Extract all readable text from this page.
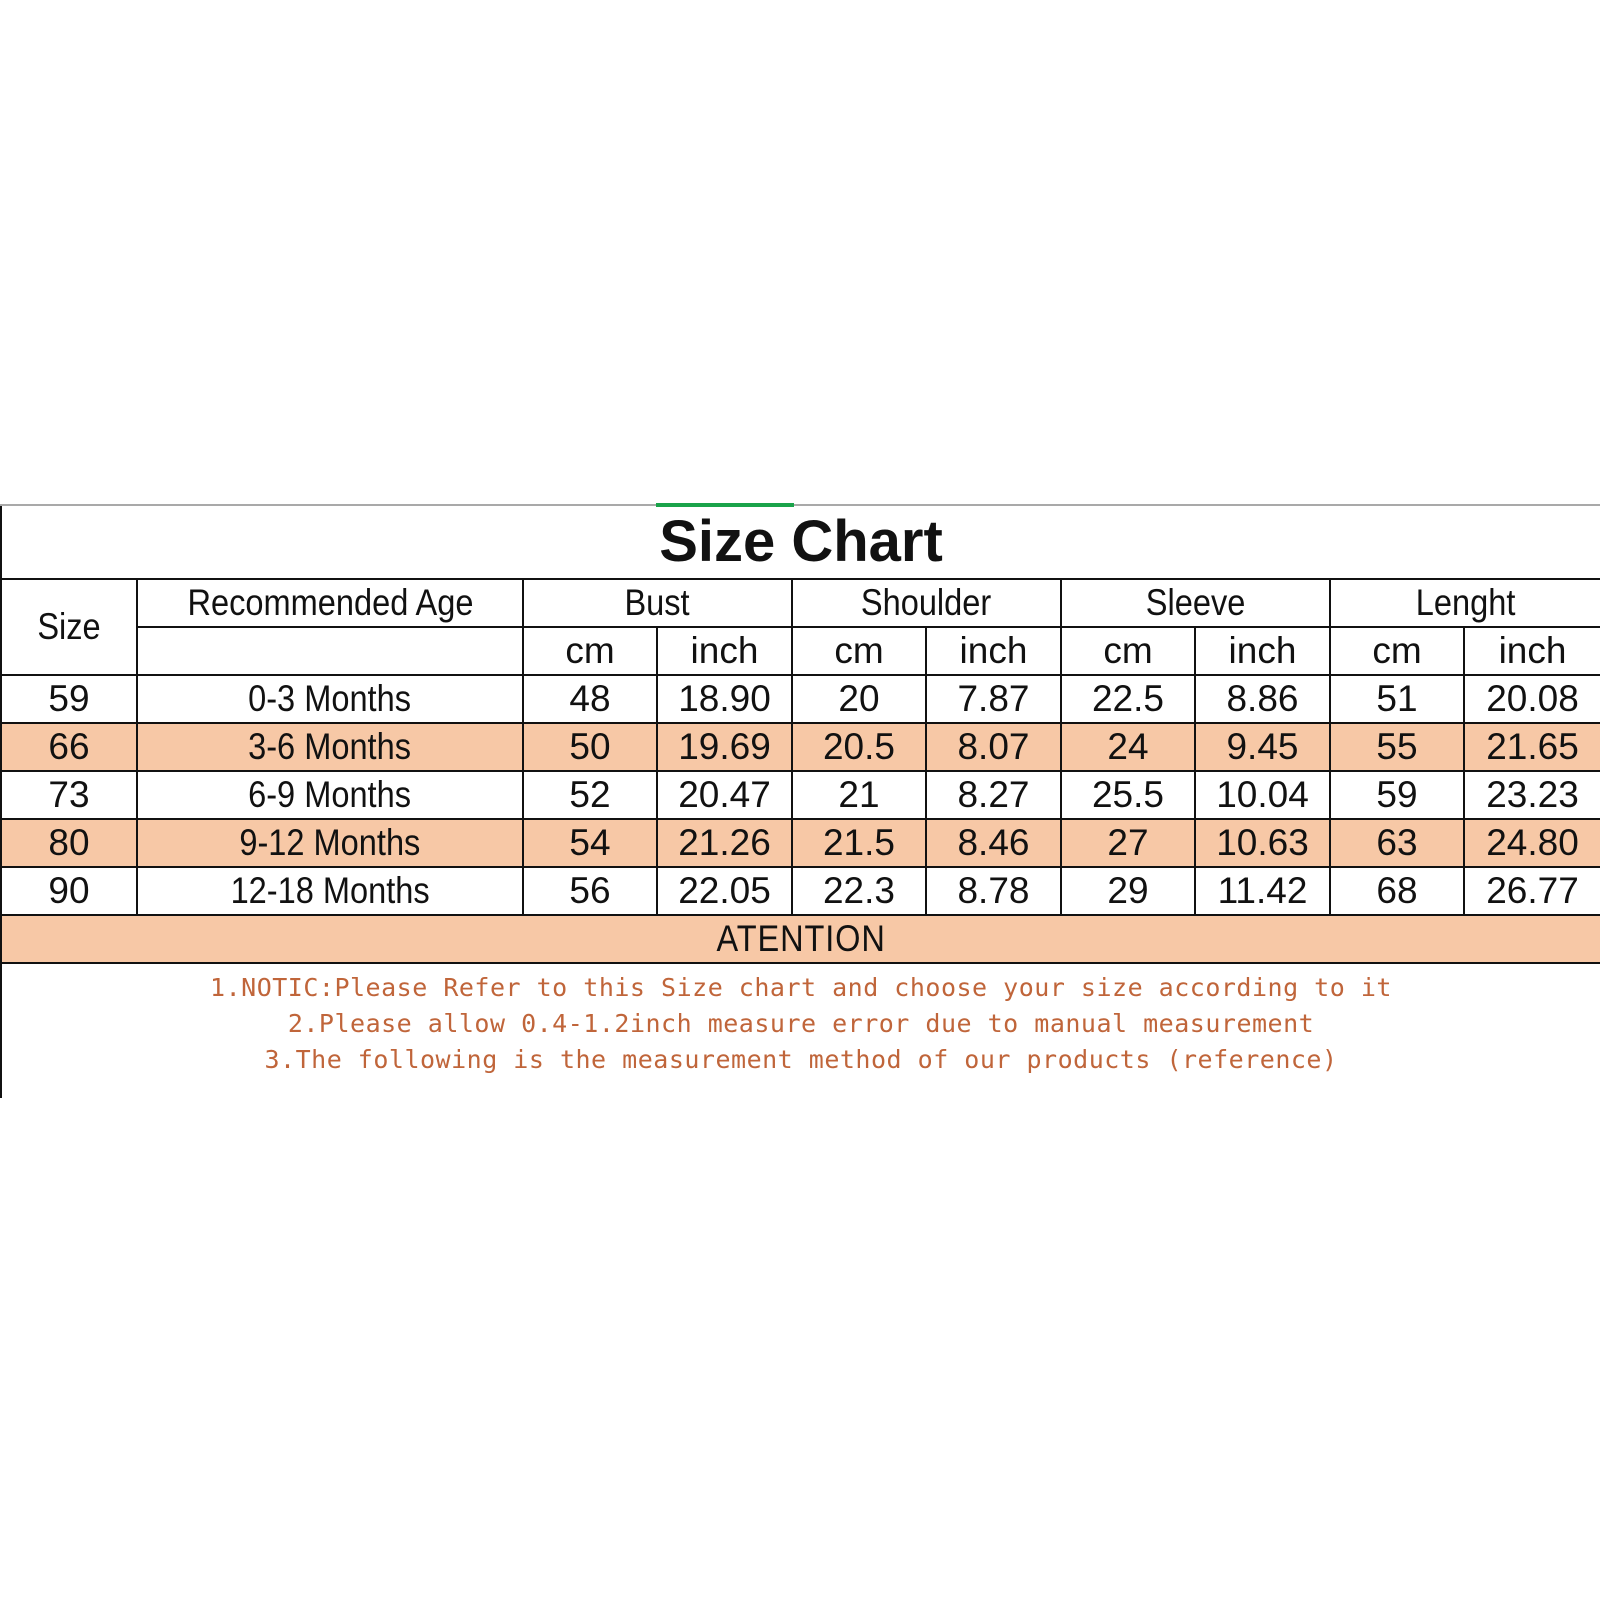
Size Chart									
Size	Recommended Age	Bust		Shoulder		Sleeve		Lenght	
		cm	inch	cm	inch	cm	inch	cm	inch
59	0-3 Months	48	18.90	20	7.87	22.5	8.86	51	20.08
66	3-6 Months	50	19.69	20.5	8.07	24	9.45	55	21.65
73	6-9 Months	52	20.47	21	8.27	25.5	10.04	59	23.23
80	9-12 Months	54	21.26	21.5	8.46	27	10.63	63	24.80
90	12-18 Months	56	22.05	22.3	8.78	29	11.42	68	26.77
ATENTION									

1.NOTIC:Please Refer to this Size chart and choose your size according to it
2.Please allow 0.4-1.2inch measure error due to manual measurement
3.The following is the measurement method of our products (reference)									
